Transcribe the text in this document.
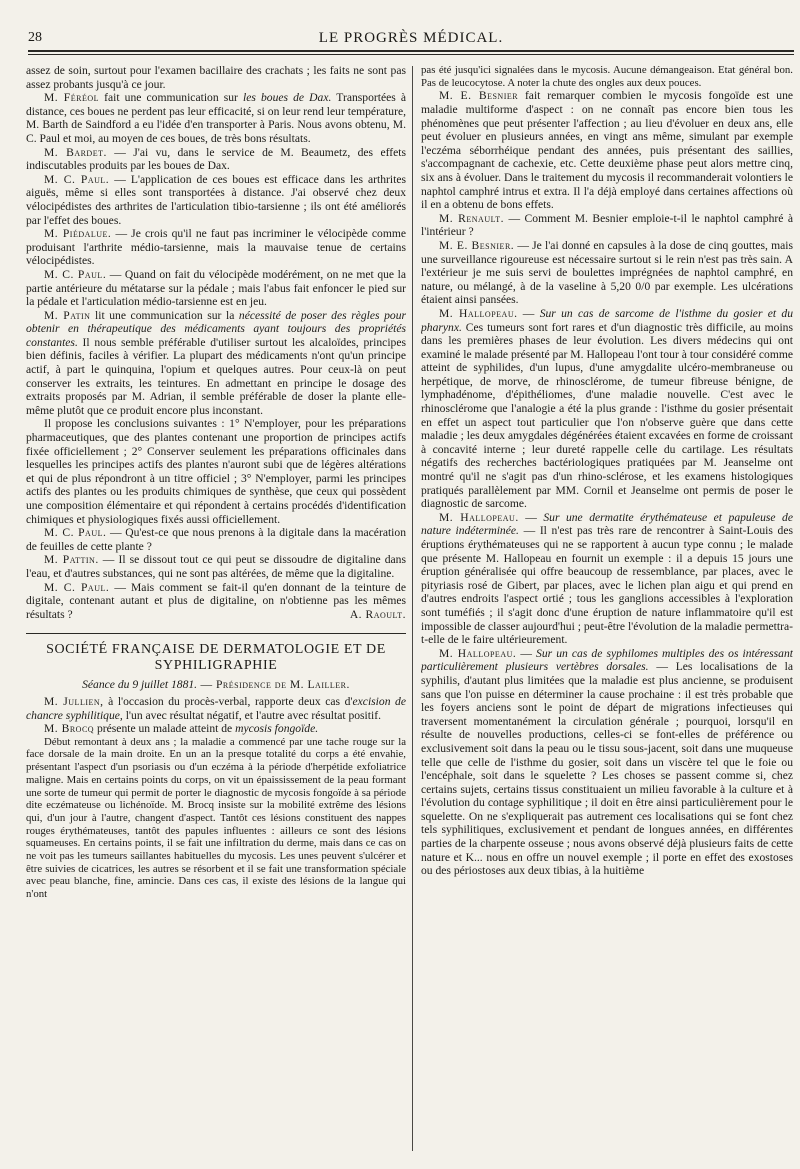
28	LE PROGRÈS MÉDICAL.

assez de soin, surtout pour l'examen bacillaire des crachats ; les faits ne sont pas assez probants jusqu'à ce jour.

M. Féréol fait une communication sur les boues de Dax. Transportées à distance, ces boues ne perdent pas leur efficacité, si on leur rend leur température, M. Barth de Saindford a eu l'idée d'en transporter à Paris. Nous avons obtenu, M. C. Paul et moi, au moyen de ces boues, de très bons résultats.

M. Bardet. — J'ai vu, dans le service de M. Beaumetz, des effets indiscutables produits par les boues de Dax.

M. C. Paul. — L'application de ces boues est efficace dans les arthrites aiguës, même si elles sont transportées à distance. J'ai observé chez deux vélocipédistes des arthrites de l'articulation tibio-tarsienne ; ils ont été améliorés par l'effet des boues.

M. Piédalue. — Je crois qu'il ne faut pas incriminer le vélocipède comme produisant l'arthrite médio-tarsienne, mais la mauvaise tenue de certains vélocipédistes.

M. C. Paul. — Quand on fait du vélocipède modérément, on ne met que la partie antérieure du métatarse sur la pédale ; mais l'abus fait enfoncer le pied sur la pédale et l'articulation médio-tarsienne est en jeu.

M. Patin lit une communication sur la nécessité de poser des règles pour obtenir en thérapeutique des médicaments ayant toujours des propriétés constantes. Il nous semble préférable d'utiliser surtout les alcaloïdes, principes bien définis, faciles à vérifier. La plupart des médicaments n'ont qu'un principe actif, à part le quinquina, l'opium et quelques autres. Pour ceux-là on peut conserver les extraits, les teintures. En admettant en principe le dosage des extraits proposés par M. Adrian, il semble préférable de doser la plante elle-même plutôt que ce produit encore plus inconstant.

Il propose les conclusions suivantes : 1° N'employer, pour les préparations pharmaceutiques, que des plantes contenant une proportion de principes actifs fixée officiellement ; 2° Conserver seulement les préparations officinales dans lesquelles les principes actifs des plantes n'auront subi que de légères altérations et qui de plus répondront à un titre officiel ; 3° N'employer, parmi les principes actifs des plantes ou les produits chimiques de synthèse, que ceux qui possèdent une composition élémentaire et qui répondent à certains procédés d'identification chimiques et physiologiques fixés aussi officiellement.

M. C. Paul. — Qu'est-ce que nous prenons à la digitale dans la macération de feuilles de cette plante ?

M. Pattin. — Il se dissout tout ce qui peut se dissoudre de digitaline dans l'eau, et d'autres substances, qui ne sont pas altérées, de même que la digitaline.

M. C. Paul. — Mais comment se fait-il qu'en donnant de la teinture de digitale, contenant autant et plus de digitaline, on n'obtienne pas les mêmes résultats ?	A. Raoult.

SOCIÉTÉ FRANÇAISE DE DERMATOLOGIE ET DE SYPHILIGRAPHIE
Séance du 9 juillet 1881. — Présidence de M. Lailler.

M. Jullien, à l'occasion du procès-verbal, rapporte deux cas d'excision de chancre syphilitique, l'un avec résultat négatif, et l'autre avec résultat positif.

M. Brocq présente un malade atteint de mycosis fongoïde.

Début remontant à deux ans ; la maladie a commencé par une tache rouge sur la face dorsale de la main droite. En un an la presque totalité du corps a été envahie, présentant l'aspect d'un psoriasis ou d'un eczéma à la période d'herpétide exfoliatrice maligne. Mais en certains points du corps, on vit un épaississement de la peau formant une sorte de tumeur qui permit de porter le diagnostic de mycosis fongoïde à sa période dite eczémateuse ou lichénoïde. M. Brocq insiste sur la mobilité extrême des lésions qui, d'un jour à l'autre, changent d'aspect. Tantôt ces lésions constituent des nappes rouges érythémateuses, tantôt des papules influentes : ailleurs ce sont des lésions squameuses. En certains points, il se fait une infiltration du derme, mais dans ce cas on ne voit pas les tumeurs saillantes habituelles du mycosis. Les unes peuvent s'ulcérer et être suivies de cicatrices, les autres se résorbent et il se fait une transformation spéciale avec peau blanche, fine, amincie. Dans ces cas, il existe des lésions de la langue qui n'ont

pas été jusqu'ici signalées dans le mycosis. Aucune démangeaison. Etat général bon. Pas de leucocytose. A noter la chute des ongles aux deux pouces.

M. E. Besnier fait remarquer combien le mycosis fongoïde est une maladie multiforme d'aspect : on ne connaît pas encore bien tous les phénomènes que peut présenter l'affection ; au lieu d'évoluer en deux ans, elle peut évoluer en plusieurs années, en vingt ans même, simulant par exemple l'eczéma séborrhéique pendant des années, puis présentant des saillies, s'accompagnant de cachexie, etc. Cette deuxième phase peut alors mettre cinq, six ans à évoluer. Dans le traitement du mycosis il recommanderait volontiers le naphtol camphré intrus et extra. Il l'a déjà employé dans certaines affections où il en a obtenu de bons effets.

M. Renault. — Comment M. Besnier emploie-t-il le naphtol camphré à l'intérieur ?

M. E. Besnier. — Je l'ai donné en capsules à la dose de cinq gouttes, mais une surveillance rigoureuse est nécessaire surtout si le rein n'est pas très sain. A l'extérieur je me suis servi de boulettes imprégnées de naphtol camphré, en nature, ou mélangé, à de la vaseline à 5,20 0/0 par exemple. Les ulcérations étaient ainsi pansées.

M. Hallopeau. — Sur un cas de sarcome de l'isthme du gosier et du pharynx. Ces tumeurs sont fort rares et d'un diagnostic très difficile, au moins dans les premières phases de leur évolution. Les divers médecins qui ont examiné le malade présenté par M. Hallopeau l'ont tour à tour considéré comme atteint de syphilides, d'un lupus, d'une amygdalite ulcéro-membraneuse ou herpétique, de morve, de rhinosclérome, de tumeur fibreuse bénigne, de lymphadénome, d'épithéliomes, d'une maladie nouvelle. C'est avec le rhinosclérome que l'analogie a été la plus grande : l'isthme du gosier présentait en effet un aspect tout particulier que l'on n'observe guère que dans cette maladie ; les deux amygdales dégénérées étaient excavées en forme de croissant à concavité interne ; leur dureté rappelle celle du cartilage. Les résultats négatifs des recherches bactériologiques pratiquées par M. Jeanselme ont montré qu'il ne s'agit pas d'un rhino-sclérose, et les examens histologiques pratiqués parallèlement par MM. Cornil et Jeanselme ont permis de poser le diagnostic de sarcome.

M. Hallopeau. — Sur une dermatite érythémateuse et papuleuse de nature indéterminée. — Il n'est pas très rare de rencontrer à Saint-Louis des éruptions érythémateuses qui ne se rapportent à aucun type connu ; le malade que présente M. Hallopeau en fournit un exemple : il a depuis 15 jours une éruption généralisée qui offre beaucoup de ressemblance, par places, avec le pityriasis rosé de Gibert, par places, avec le lichen plan aigu et qui prend en d'autres endroits l'aspect ortié ; tous les ganglions accessibles à l'exploration sont tuméfiés ; il s'agit donc d'une éruption de nature inflammatoire qu'il est impossible de classer aujourd'hui ; peut-être l'évolution de la maladie permettra-t-elle de le faire ultérieurement.

M. Hallopeau. — Sur un cas de syphilomes multiples des os intéressant particulièrement plusieurs vertèbres dorsales. — Les localisations de la syphilis, d'autant plus limitées que la maladie est plus ancienne, se produisent sans que l'on puisse en déterminer la cause prochaine : il est très probable que les foyers anciens sont le point de départ de migrations infectieuses qui traversent momentanément la circulation générale ; pourquoi, lorsqu'il en résulte de nouvelles productions, celles-ci se font-elles de préférence ou exclusivement soit dans la peau ou le tissu sous-jacent, soit dans une muqueuse telle que celle de l'isthme du gosier, soit dans un viscère tel que le foie ou l'encéphale, soit dans le squelette ? Les choses se passent comme si, chez certains sujets, certains tissus constituaient un milieu favorable à la culture et à l'évolution du contage syphilitique ; il doit en être ainsi particulièrement pour le squelette. On ne s'expliquerait pas autrement ces localisations qui se font chez tels syphilitiques, exclusivement et pendant de longues années, en différentes parties de la charpente osseuse ; nous avons observé déjà plusieurs faits de cette nature et K... nous en offre un nouvel exemple ; il porte en effet des exostoses ou des périostoses aux deux tibias, à la huitième
